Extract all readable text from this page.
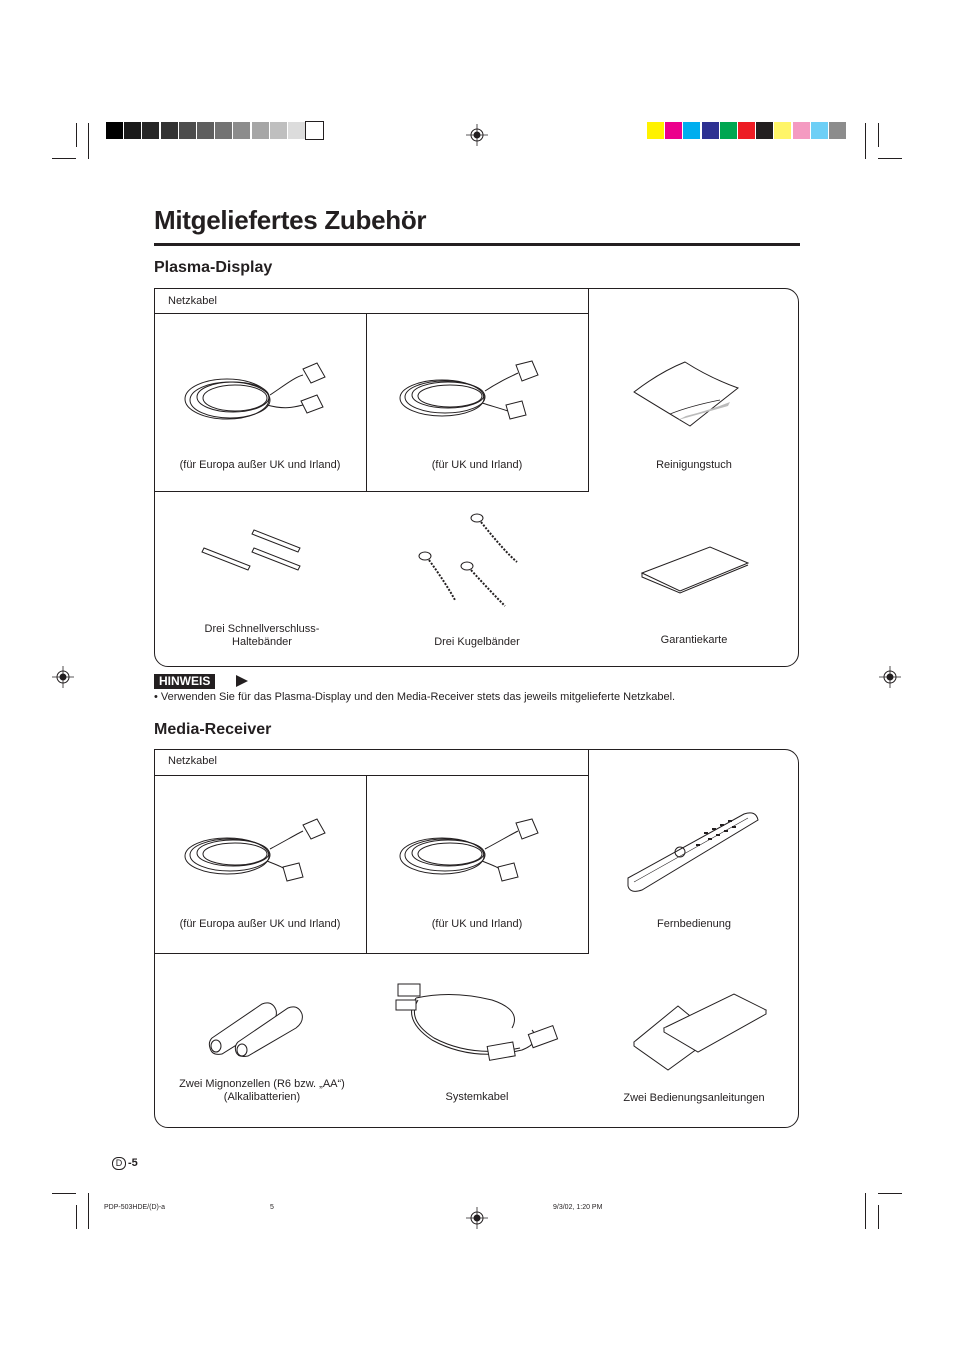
Mitgeliefertes Zubehör
Plasma-Display
Netzkabel
(für Europa außer UK und Irland)	(für UK und Irland)	Reinigungstuch
Drei Schnellverschluss-
Haltebänder	Drei Kugelbänder	Garantiekarte
HINWEIS
• Verwenden Sie für das Plasma-Display und den Media-Receiver stets das jeweils mitgelieferte Netzkabel.
Media-Receiver
Netzkabel
(für Europa außer UK und Irland)	(für UK und Irland)	Fernbedienung
Zwei Mignonzellen (R6 bzw. „AA“)
(Alkalibatterien)	Systemkabel	Zwei Bedienungsanleitungen
D -5
PDP-503HDE/(D)-a	5	9/3/02, 1:20 PM
